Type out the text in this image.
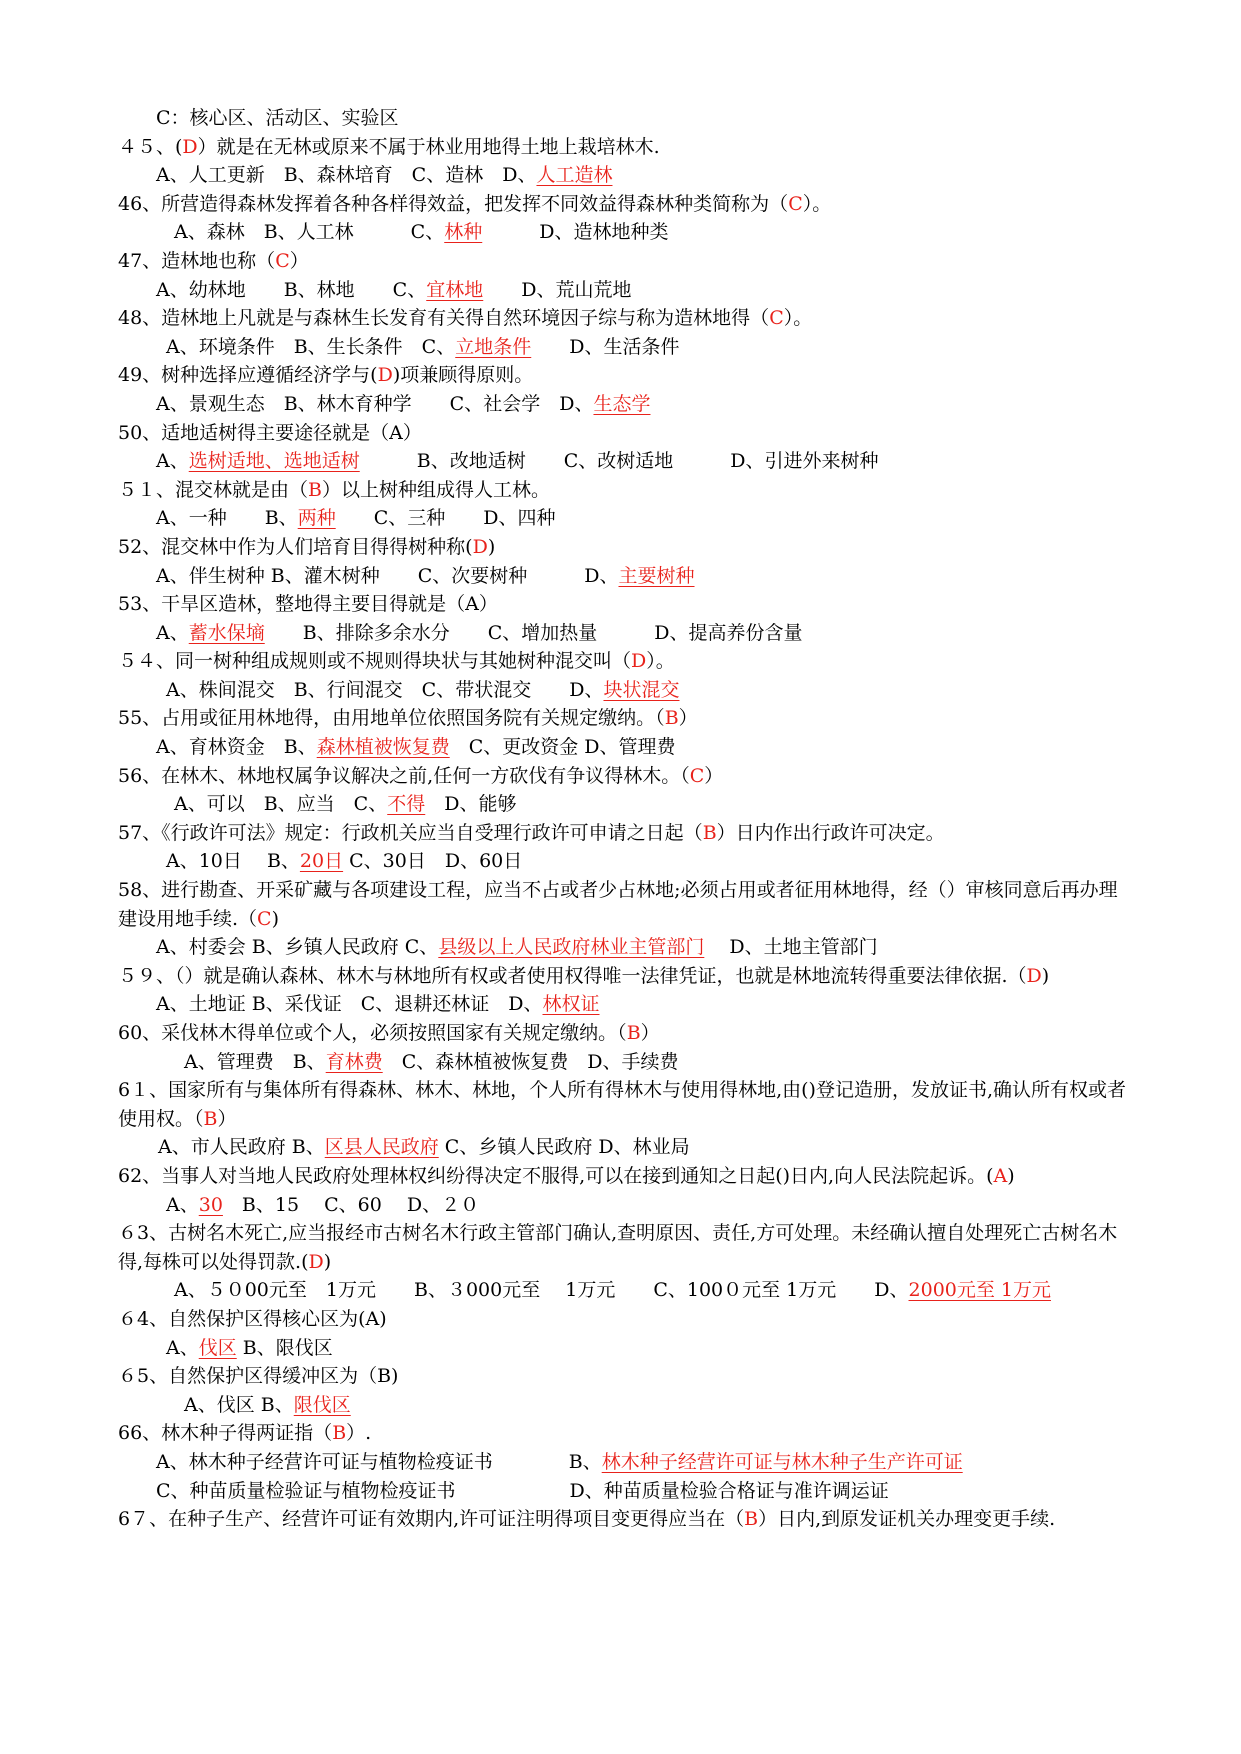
C：核心区、活动区、实验区
４５、(D）就是在无林或原来不属于林业用地得土地上栽培林木.
A、人工更新　B、森林培育　C、造林　D、人工造林
46、所营造得森林发挥着各种各样得效益，把发挥不同效益得森林种类简称为（C）。
A、森林　B、人工林　　　C、林种　　　D、造林地种类
47、造林地也称（C）
A、幼林地　　B、林地　　C、宜林地　　D、荒山荒地
48、造林地上凡就是与森林生长发育有关得自然环境因子综与称为造林地得（C）。
A、环境条件　B、生长条件　C、立地条件　　D、生活条件
49、树种选择应遵循经济学与(D)项兼顾得原则。
A、景观生态　B、林木育种学　　C、社会学　D、生态学
50、适地适树得主要途径就是（A）
A、选树适地、选地适树　　　B、改地适树　　C、改树适地　　　D、引进外来树种
５１、混交林就是由（B）以上树种组成得人工林。
A、一种　　B、两种　　C、三种　　D、四种
52、混交林中作为人们培育目得得树种称(D)
A、伴生树种 B、灌木树种　　C、次要树种　　　D、主要树种
53、干旱区造林，整地得主要目得就是（A）
A、蓄水保墒　　B、排除多余水分　　C、增加热量　　　D、提高养份含量
５４、同一树种组成规则或不规则得块状与其她树种混交叫（D）。
A、株间混交　B、行间混交　C、带状混交　　D、块状混交
55、占用或征用林地得，由用地单位依照国务院有关规定缴纳。（B）
A、育林资金　B、森林植被恢复费　C、更改资金 D、管理费
56、在林木、林地权属争议解决之前,任何一方砍伐有争议得林木。（C）
A、可以　B、应当　C、不得　D、能够
57、《行政许可法》规定：行政机关应当自受理行政许可申请之日起（B）日内作出行政许可决定。
A、10日　 B、20日 C、30日　D、60日
58、进行勘查、开采矿藏与各项建设工程，应当不占或者少占林地;必须占用或者征用林地得，经（）审核同意后再办理建设用地手续.（C)
A、村委会 B、乡镇人民政府 C、县级以上人民政府林业主管部门　 D、土地主管部门
５９、（）就是确认森林、林木与林地所有权或者使用权得唯一法律凭证，也就是林地流转得重要法律依据.（D)
A、土地证 B、采伐证　C、退耕还林证　D、林权证
60、采伐林木得单位或个人，必须按照国家有关规定缴纳。（B）
A、管理费　B、育林费　C、森林植被恢复费　D、手续费
6１、国家所有与集体所有得森林、林木、林地，个人所有得林木与使用得林地,由()登记造册，发放证书,确认所有权或者使用权。（B）
A、市人民政府 B、区县人民政府 C、乡镇人民政府 D、林业局
62、当事人对当地人民政府处理林权纠纷得决定不服得,可以在接到通知之日起()日内,向人民法院起诉。(A)
A、30　B、15　 C、60　 D、２０
６3、古树名木死亡,应当报经市古树名木行政主管部门确认,查明原因、责任,方可处理。未经确认擅自处理死亡古树名木得,每株可以处得罚款.(D)
A、５０00元至　1万元　　B、３000元至　 1万元　　C、100０元至 1万元　　D、2000元至 1万元
６4、自然保护区得核心区为(A)
A、伐区 B、限伐区
６5、自然保护区得缓冲区为（B)
A、伐区 B、限伐区
66、林木种子得两证指（B）.
A、林木种子经营许可证与植物检疫证书　　　　B、林木种子经营许可证与林木种子生产许可证
C、种苗质量检验证与植物检疫证书　　　　　　D、种苗质量检验合格证与准许调运证
6７、在种子生产、经营许可证有效期内,许可证注明得项目变更得应当在（B）日内,到原发证机关办理变更手续.
